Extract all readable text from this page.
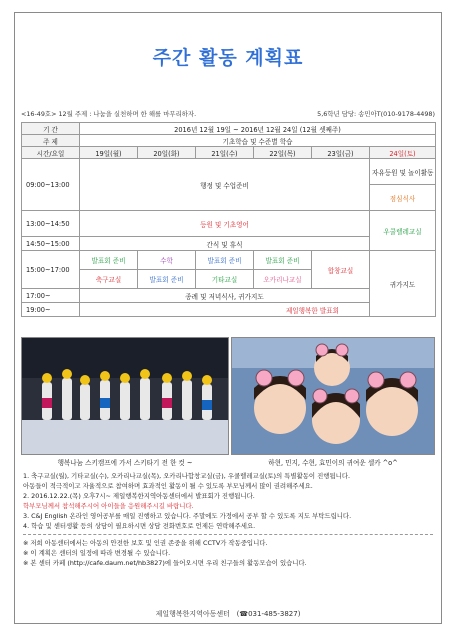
주간 활동 계획표
<16-49호> 12월 주제 : 나눔을 실천하며 한 해를 마무리하자.	5,6학년 담당: 송민아T(010-9178-4498)
기 간	2016년 12월 19일 ~ 2016년 12월 24일 (12월 셋째주)					
주 제	기초학습 및 수준별 학습					
시간/요일	19일(월)	20일(화)	21일(수)	22일(목)	23일(금)	24일(토)
09:00~13:00	행정 및 수업준비					자유등원 및 놀이활동
						점심식사
13:00~14:50	등원 및 기초영어					우쿨렐레교실
14:50~15:00	간식 및 휴식					
15:00~17:00	발표회 준비	수학	발표회 준비	발표회 준비	합창교실	귀가지도
	축구교실	발표회 준비	기타교실	오카리나교실		
17:00~	종례 및 저녁식사, 귀가지도					
19:00~	제일행복한 발표회					
행복나눔 스키캠프에 가서 스키타기 전 한 컷 ~	하현, 민지, 수현, 효민이의 귀여운 셀카 ^o^
1. 축구교실(월), 기타교실(수), 오카리나교실(목), 오카리나합창교실(금), 우쿨렐레교실(토)의 특별활동이 진행됩니다.
아동들이 적극적이고 자율적으로 참여하며 효과적인 활동이 될 수 있도록 부모님께서 많이 권려해주세요.
2. 2016.12.22.(목) 오후7시~ 제일행복한지역아동센터에서 발표회가 진행됩니다.
학부모님께서 참석해주시어 아이들을 응원해주시길 바랍니다.
3. C&J English 온라인 영어공부를 매일 진행하고 있습니다. 주말에도 가정에서 공부 할 수 있도록 지도 부탁드립니다.
4. 학습 및 센터생활 등의 상담이 필요하시면 상담 전화번호로 언제든 연락해주세요.
※ 저희 아동센터에서는 아동의 안전한 보호 및 인권 존중을 위해 CCTV가 작동중입니다.
※ 이 계획은 센터의 일정에 따라 변경될 수 있습니다.
※ 본 센터 카페 (http://cafe.daum.net/hb3827)에 들어오시면 우리 친구들의 활동모습이 있습니다.
제일행복한지역아동센터   (☎031-485-3827)
